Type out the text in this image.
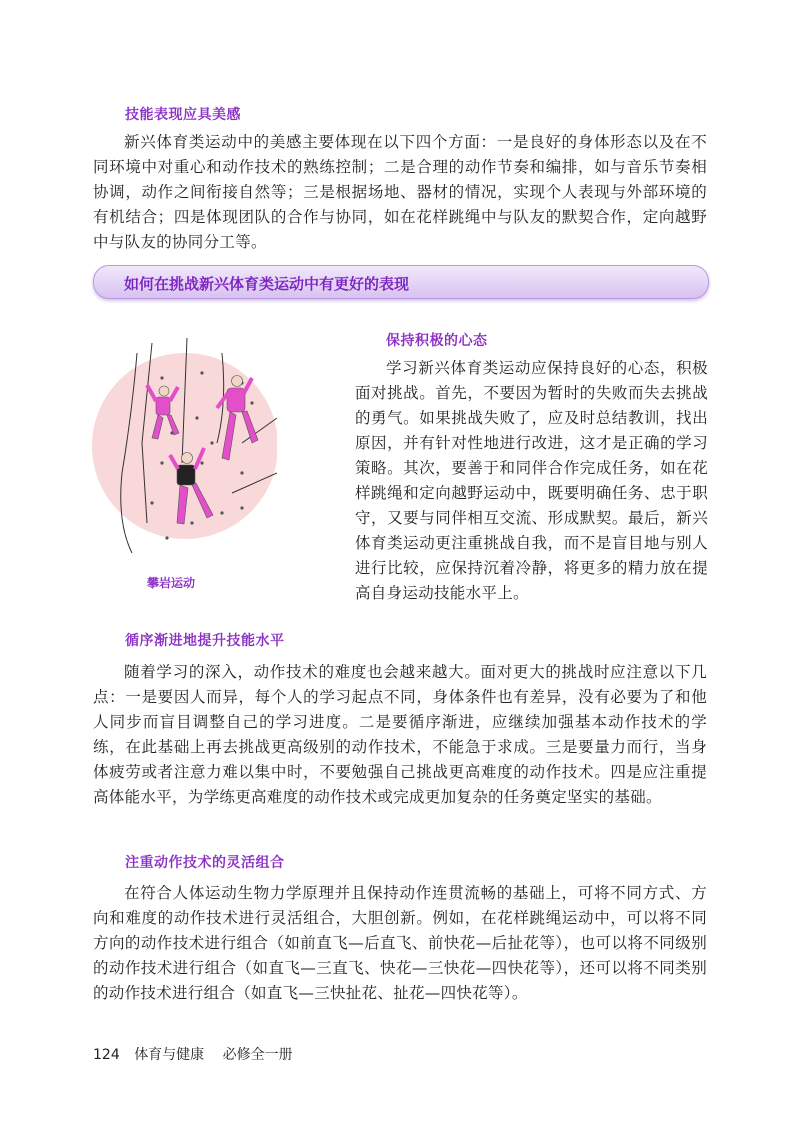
技能表现应具美感

新兴体育类运动中的美感主要体现在以下四个方面：一是良好的身体形态以及在不同环境中对重心和动作技术的熟练控制；二是合理的动作节奏和编排，如与音乐节奏相协调，动作之间衔接自然等；三是根据场地、器材的情况，实现个人表现与外部环境的有机结合；四是体现团队的合作与协同，如在花样跳绳中与队友的默契合作，定向越野中与队友的协同分工等。

如何在挑战新兴体育类运动中有更好的表现
攀岩运动
保持积极的心态

学习新兴体育类运动应保持良好的心态，积极面对挑战。首先，不要因为暂时的失败而失去挑战的勇气。如果挑战失败了，应及时总结教训，找出原因，并有针对性地进行改进，这才是正确的学习策略。其次，要善于和同伴合作完成任务，如在花样跳绳和定向越野运动中，既要明确任务、忠于职守，又要与同伴相互交流、形成默契。最后，新兴体育类运动更注重挑战自我，而不是盲目地与别人进行比较，应保持沉着冷静，将更多的精力放在提高自身运动技能水平上。

循序渐进地提升技能水平

随着学习的深入，动作技术的难度也会越来越大。面对更大的挑战时应注意以下几点：一是要因人而异，每个人的学习起点不同，身体条件也有差异，没有必要为了和他人同步而盲目调整自己的学习进度。二是要循序渐进，应继续加强基本动作技术的学练，在此基础上再去挑战更高级别的动作技术，不能急于求成。三是要量力而行，当身体疲劳或者注意力难以集中时，不要勉强自己挑战更高难度的动作技术。四是应注重提高体能水平，为学练更高难度的动作技术或完成更加复杂的任务奠定坚实的基础。

注重动作技术的灵活组合

在符合人体运动生物力学原理并且保持动作连贯流畅的基础上，可将不同方式、方向和难度的动作技术进行灵活组合，大胆创新。例如，在花样跳绳运动中，可以将不同方向的动作技术进行组合（如前直飞—后直飞、前快花—后扯花等），也可以将不同级别的动作技术进行组合（如直飞—三直飞、快花—三快花—四快花等），还可以将不同类别的动作技术进行组合（如直飞—三快扯花、扯花—四快花等）。

124 体育与健康 必修全一册
